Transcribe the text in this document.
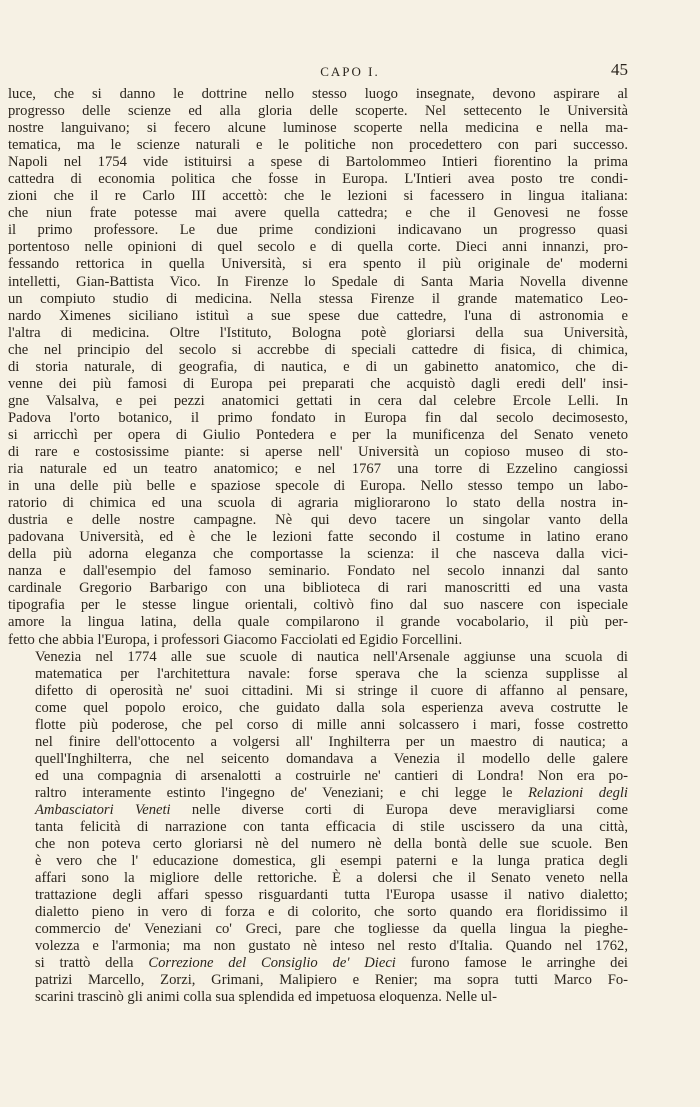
CAPO I.	45

luce, che si danno le dottrine nello stesso luogo insegnate, devono aspirare al
progresso delle scienze ed alla gloria delle scoperte. Nel settecento le Università
nostre languivano; si fecero alcune luminose scoperte nella medicina e nella ma-
tematica, ma le scienze naturali e le politiche non procedettero con pari successo.
Napoli nel 1754 vide istituirsi a spese di Bartolommeo Intieri fiorentino la prima
cattedra di economia politica che fosse in Europa. L'Intieri avea posto tre condi-
zioni che il re Carlo III accettò: che le lezioni si facessero in lingua italiana:
che niun frate potesse mai avere quella cattedra; e che il Genovesi ne fosse
il primo professore. Le due prime condizioni indicavano un progresso quasi
portentoso nelle opinioni di quel secolo e di quella corte. Dieci anni innanzi, pro-
fessando rettorica in quella Università, si era spento il più originale de' moderni
intelletti, Gian-Battista Vico. In Firenze lo Spedale di Santa Maria Novella divenne
un compiuto studio di medicina. Nella stessa Firenze il grande matematico Leo-
nardo Ximenes siciliano istituì a sue spese due cattedre, l'una di astronomia e
l'altra di medicina. Oltre l'Istituto, Bologna potè gloriarsi della sua Università,
che nel principio del secolo si accrebbe di speciali cattedre di fisica, di chimica,
di storia naturale, di geografia, di nautica, e di un gabinetto anatomico, che di-
venne dei più famosi di Europa pei preparati che acquistò dagli eredi dell' insi-
gne Valsalva, e pei pezzi anatomici gettati in cera dal celebre Ercole Lelli. In
Padova l'orto botanico, il primo fondato in Europa fin dal secolo decimosesto,
si arricchì per opera di Giulio Pontedera e per la munificenza del Senato veneto
di rare e costosissime piante: si aperse nell' Università un copioso museo di sto-
ria naturale ed un teatro anatomico; e nel 1767 una torre di Ezzelino cangiossi
in una delle più belle e spaziose specole di Europa. Nello stesso tempo un labo-
ratorio di chimica ed una scuola di agraria migliorarono lo stato della nostra in-
dustria e delle nostre campagne. Nè qui devo tacere un singolar vanto della
padovana Università, ed è che le lezioni fatte secondo il costume in latino erano
della più adorna eleganza che comportasse la scienza: il che nasceva dalla vici-
nanza e dall'esempio del famoso seminario. Fondato nel secolo innanzi dal santo
cardinale Gregorio Barbarigo con una biblioteca di rari manoscritti ed una vasta
tipografia per le stesse lingue orientali, coltivò fino dal suo nascere con ispeciale
amore la lingua latina, della quale compilarono il grande vocabolario, il più per-
fetto che abbia l'Europa, i professori Giacomo Facciolati ed Egidio Forcellini.

Venezia nel 1774 alle sue scuole di nautica nell'Arsenale aggiunse una scuola di
matematica per l'architettura navale: forse sperava che la scienza supplisse al
difetto di operosità ne' suoi cittadini. Mi si stringe il cuore di affanno al pensare,
come quel popolo eroico, che guidato dalla sola esperienza aveva costrutte le
flotte più poderose, che pel corso di mille anni solcassero i mari, fosse costretto
nel finire dell'ottocento a volgersi all' Inghilterra per un maestro di nautica; a
quell'Inghilterra, che nel seicento domandava a Venezia il modello delle galere
ed una compagnia di arsenalotti a costruirle ne' cantieri di Londra! Non era po-
raltro interamente estinto l'ingegno de' Veneziani; e chi legge le Relazioni degli
Ambasciatori Veneti nelle diverse corti di Europa deve meravigliarsi come
tanta felicità di narrazione con tanta efficacia di stile uscissero da una città,
che non poteva certo gloriarsi nè del numero nè della bontà delle sue scuole. Ben
è vero che l' educazione domestica, gli esempi paterni e la lunga pratica degli
affari sono la migliore delle rettoriche. È a dolersi che il Senato veneto nella
trattazione degli affari spesso risguardanti tutta l'Europa usasse il nativo dialetto;
dialetto pieno in vero di forza e di colorito, che sorto quando era floridissimo il
commercio de' Veneziani co' Greci, pare che togliesse da quella lingua la pieghe-
volezza e l'armonia; ma non gustato nè inteso nel resto d'Italia. Quando nel 1762,
si trattò della Correzione del Consiglio de' Dieci furono famose le arringhe dei
patrizi Marcello, Zorzi, Grimani, Malipiero e Renier; ma sopra tutti Marco Fo-
scarini trascinò gli animi colla sua splendida ed impetuosa eloquenza. Nelle ul-
